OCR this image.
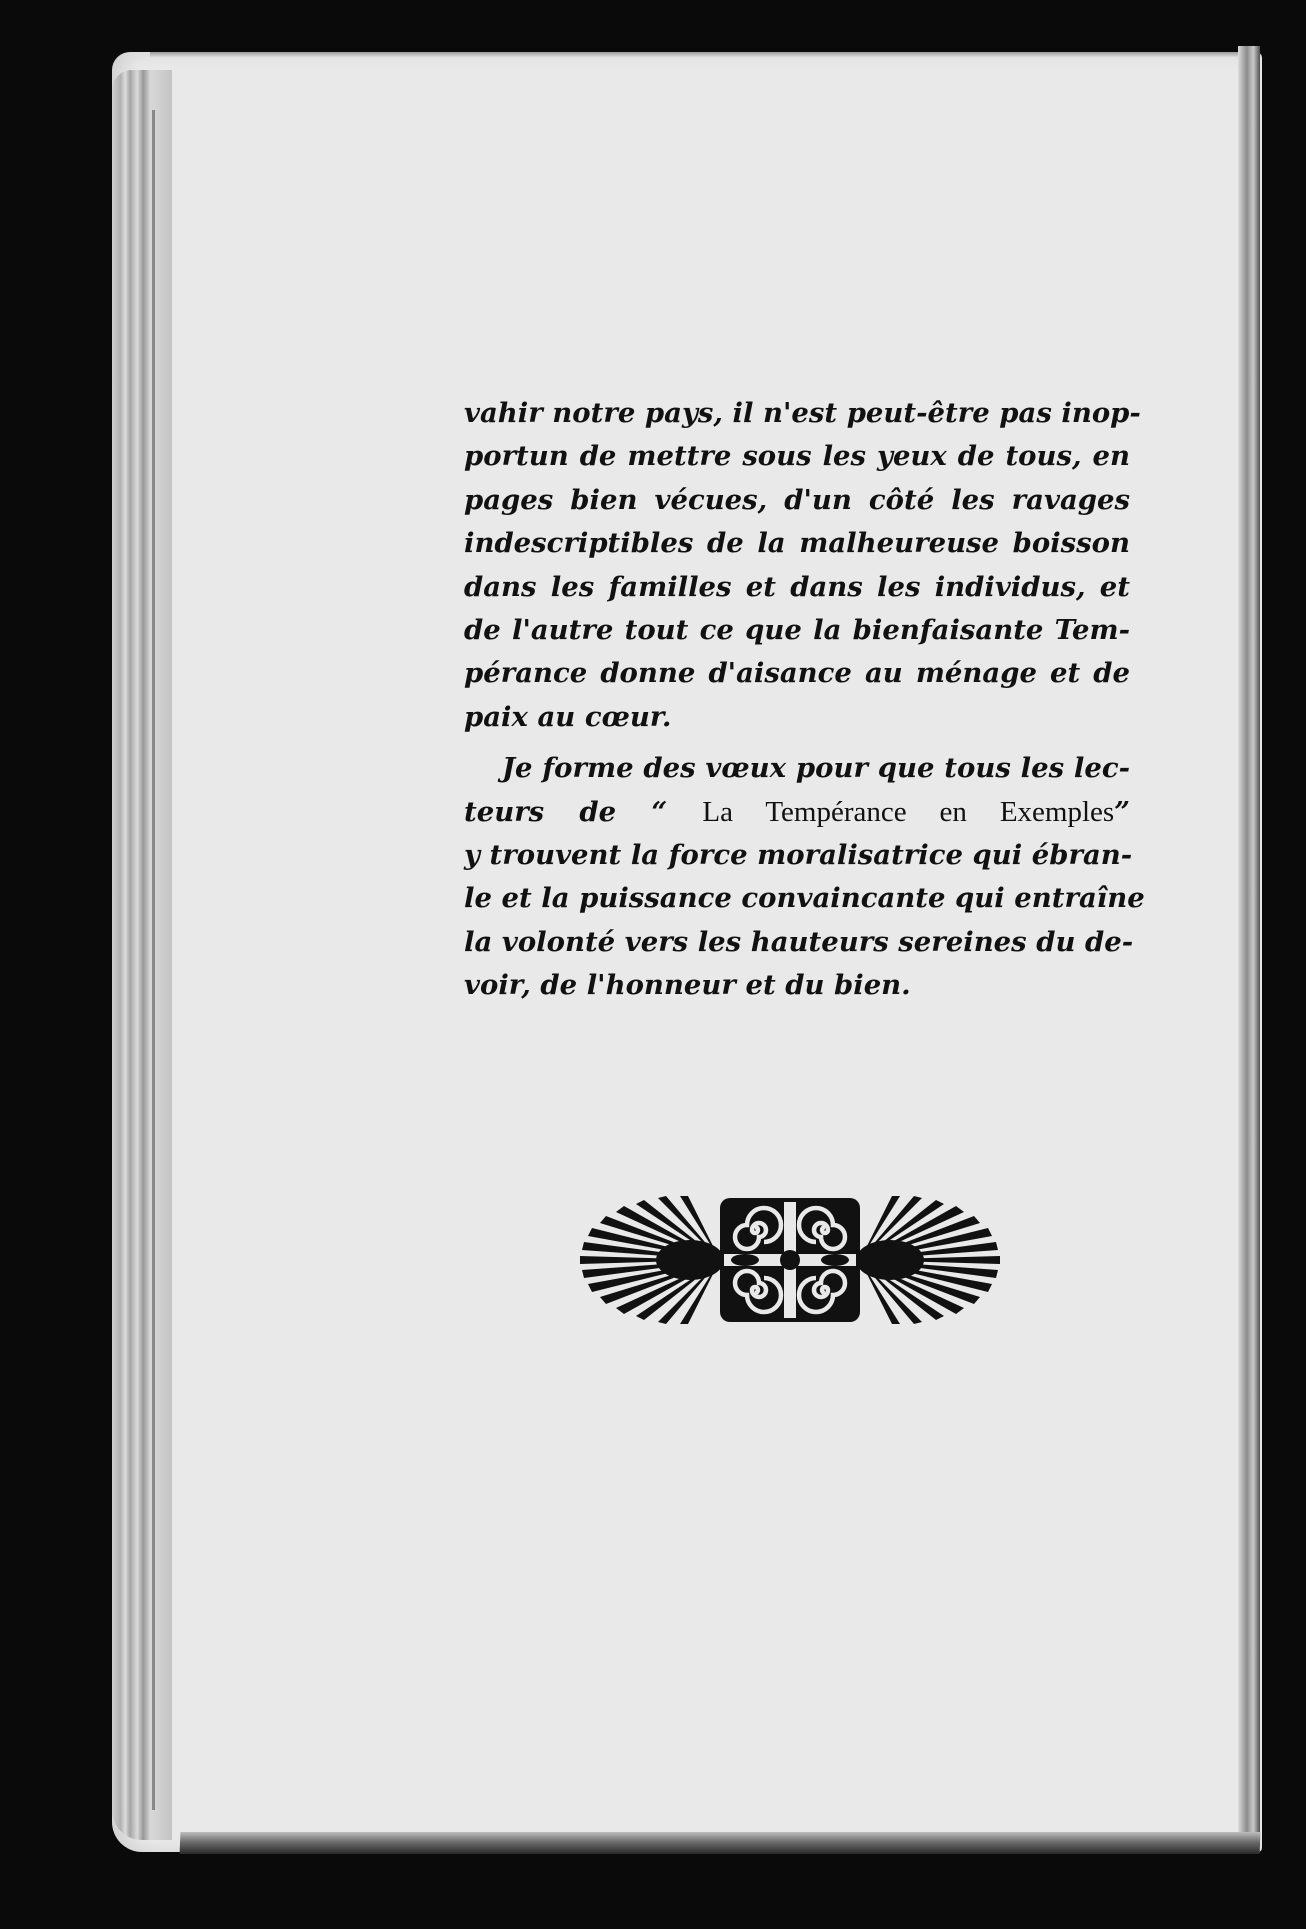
vahir notre pays, il n'est peut-être pas inop-
portun de mettre sous les yeux de tous, en
pages bien vécues, d'un côté les ravages
indescriptibles de la malheureuse boisson
dans les familles et dans les individus, et
de l'autre tout ce que la bienfaisante Tem-
pérance donne d'aisance au ménage et de
paix au cœur.
Je forme des vœux pour que tous les lec-
teurs de “ La Tempérance en Exemples”
y trouvent la force moralisatrice qui ébran-
le et la puissance convaincante qui entraîne
la volonté vers les hauteurs sereines du de-
voir, de l'honneur et du bien.
